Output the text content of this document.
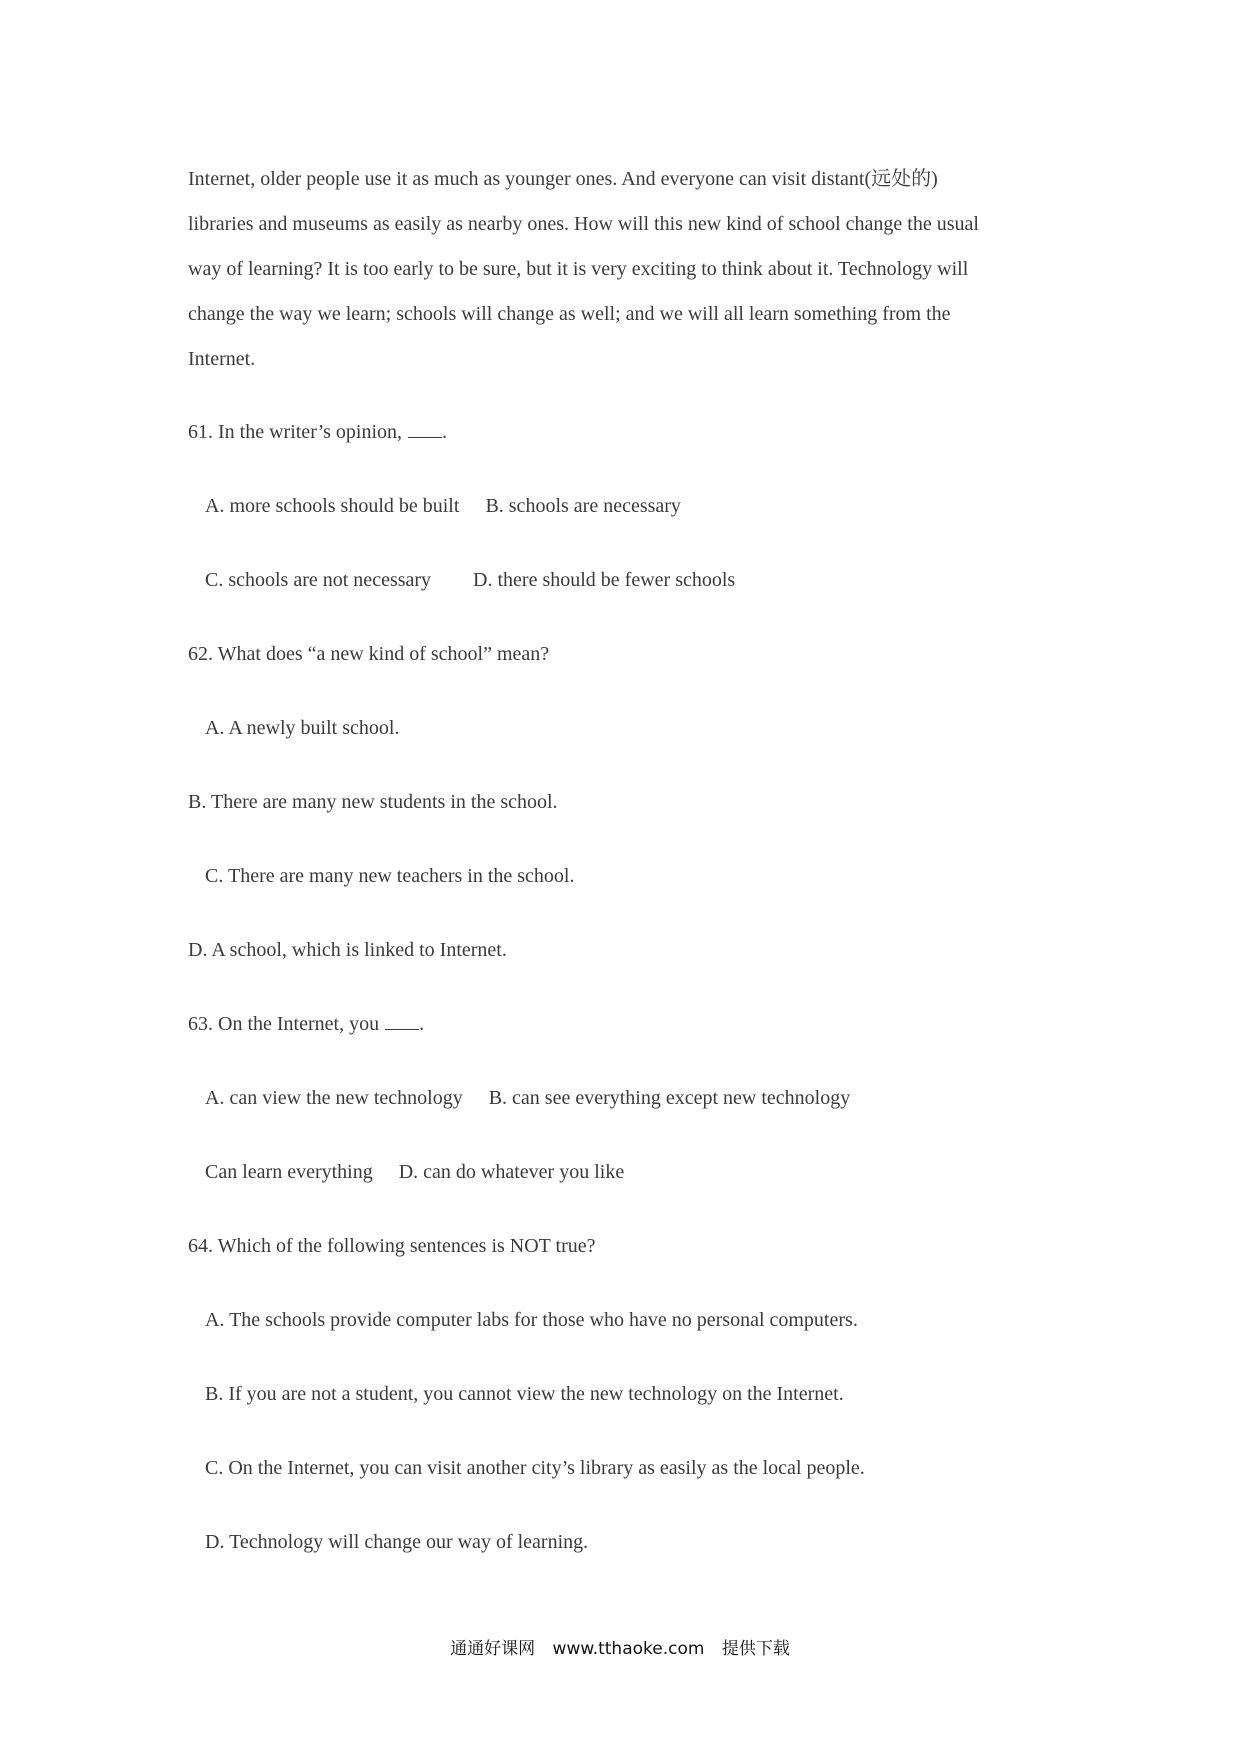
Internet, older people use it as much as younger ones. And everyone can visit distant(远处的)
libraries and museums as easily as nearby ones. How will this new kind of school change the usual
way of learning? It is too early to be sure, but it is very exciting to think about it. Technology will
change the way we learn; schools will change as well; and we will all learn something from the
Internet.
61. In the writer’s opinion, .
A. more schools should be built B. schools are necessary
C. schools are not necessary D. there should be fewer schools
62. What does “a new kind of school” mean?
A. A newly built school.
B. There are many new students in the school.
C. There are many new teachers in the school.
D. A school, which is linked to Internet.
63. On the Internet, you .
A. can view the new technology B. can see everything except new technology
Can learn everything D. can do whatever you like
64. Which of the following sentences is NOT true?
A. The schools provide computer labs for those who have no personal computers.
B. If you are not a student, you cannot view the new technology on the Internet.
C. On the Internet, you can visit another city’s library as easily as the local people.
D. Technology will change our way of learning.
通通好课网 www.tthaoke.com 提供下载
